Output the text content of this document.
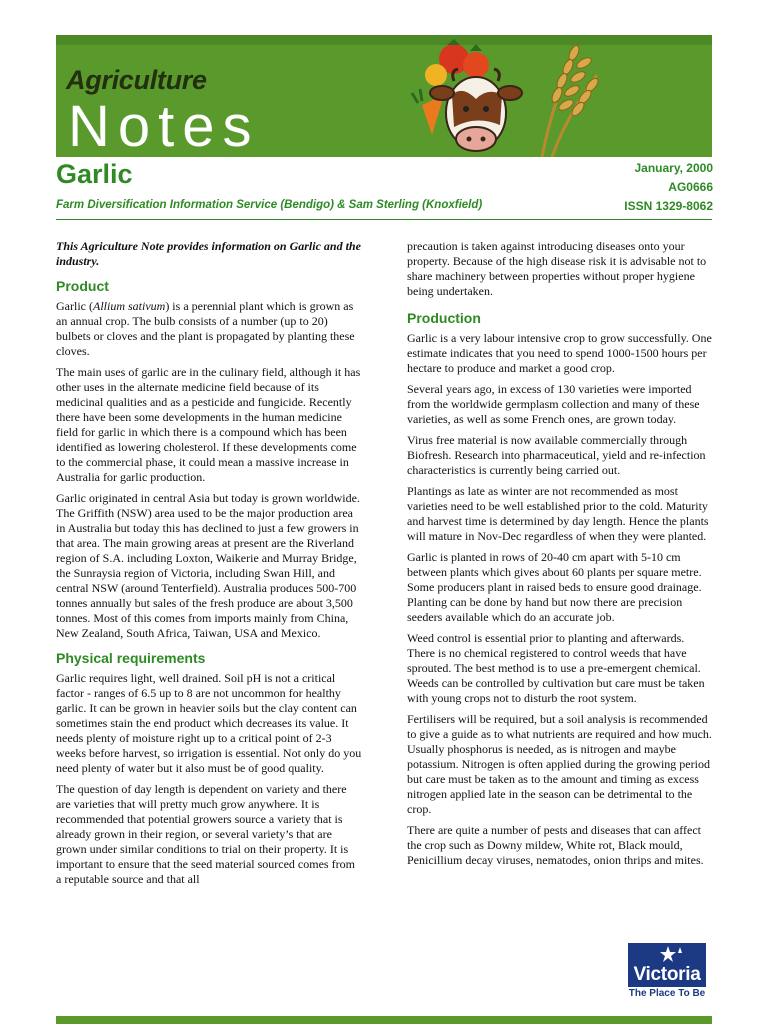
Agriculture
Notes
Garlic	January, 2000
AG0666
ISSN 1329-8062
Farm Diversification Information Service (Bendigo) & Sam Sterling (Knoxfield)

This Agriculture Note provides information on Garlic and the industry.

Product

Garlic (Allium sativum) is a perennial plant which is grown as an annual crop. The bulb consists of a number (up to 20) bulbets or cloves and the plant is propagated by planting these cloves.

The main uses of garlic are in the culinary field, although it has other uses in the alternate medicine field because of its medicinal qualities and as a pesticide and fungicide. Recently there have been some developments in the human medicine field for garlic in which there is a compound which has been identified as lowering cholesterol. If these developments come to the commercial phase, it could mean a massive increase in Australia for garlic production.

Garlic originated in central Asia but today is grown worldwide. The Griffith (NSW) area used to be the major production area in Australia but today this has declined to just a few growers in that area. The main growing areas at present are the Riverland region of S.A. including Loxton, Waikerie and Murray Bridge, the Sunraysia region of Victoria, including Swan Hill, and central NSW (around Tenterfield). Australia produces 500-700 tonnes annually but sales of the fresh produce are about 3,500 tonnes. Most of this comes from imports mainly from China, New Zealand, South Africa, Taiwan, USA and Mexico.

Physical requirements

Garlic requires light, well drained. Soil pH is not a critical factor - ranges of 6.5 up to 8 are not uncommon for healthy garlic. It can be grown in heavier soils but the clay content can sometimes stain the end product which decreases its value. It needs plenty of moisture right up to a critical point of 2-3 weeks before harvest, so irrigation is essential. Not only do you need plenty of water but it also must be of good quality.

The question of day length is dependent on variety and there are varieties that will pretty much grow anywhere. It is recommended that potential growers source a variety that is already grown in their region, or several variety’s that are grown under similar conditions to trial on their property. It is important to ensure that the seed material sourced comes from a reputable source and that all

precaution is taken against introducing diseases onto your property. Because of the high disease risk it is advisable not to share machinery between properties without proper hygiene being undertaken.

Production

Garlic is a very labour intensive crop to grow successfully. One estimate indicates that you need to spend 1000-1500 hours per hectare to produce and market a good crop.

Several years ago, in excess of 130 varieties were imported from the worldwide germplasm collection and many of these varieties, as well as some French ones, are grown today.

Virus free material is now available commercially through Biofresh. Research into pharmaceutical, yield and re-infection characteristics is currently being carried out.

Plantings as late as winter are not recommended as most varieties need to be well established prior to the cold. Maturity and harvest time is determined by day length. Hence the plants will mature in Nov-Dec regardless of when they were planted.

Garlic is planted in rows of 20-40 cm apart with 5-10 cm between plants which gives about 60 plants per square metre. Some producers plant in raised beds to ensure good drainage. Planting can be done by hand but now there are precision seeders available which do an accurate job.

Weed control is essential prior to planting and afterwards. There is no chemical registered to control weeds that have sprouted. The best method is to use a pre-emergent chemical. Weeds can be controlled by cultivation but care must be taken with young crops not to disturb the root system.

Fertilisers will be required, but a soil analysis is recommended to give a guide as to what nutrients are required and how much. Usually phosphorus is needed, as is nitrogen and maybe potassium. Nitrogen is often applied during the growing period but care must be taken as to the amount and timing as excess nitrogen applied late in the season can be detrimental to the crop.

There are quite a number of pests and diseases that can affect the crop such as Downy mildew, White rot, Black mould, Penicillium decay viruses, nematodes, onion thrips and mites.

Victoria
The Place To Be
